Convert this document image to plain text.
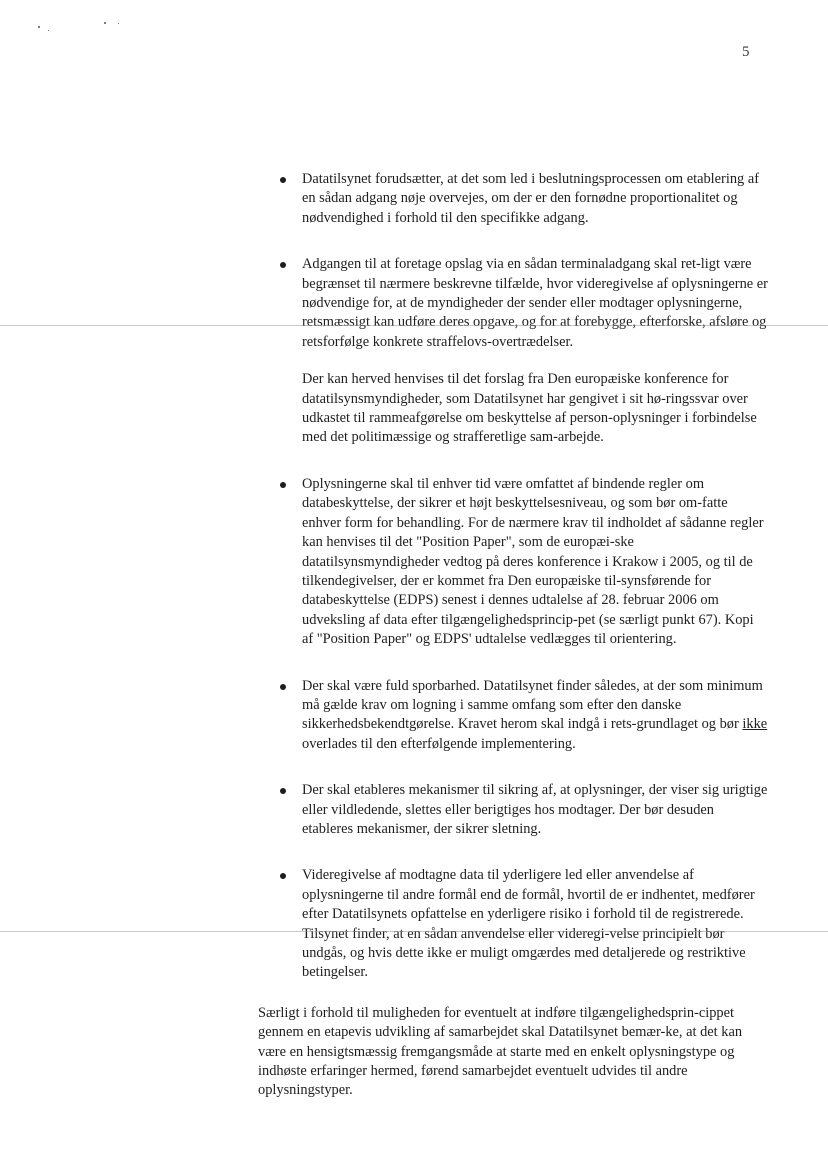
5

Datatilsynet forudsætter, at det som led i beslutningsprocessen om etablering af en sådan adgang nøje overvejes, om der er den fornødne proportionalitet og nødvendighed i forhold til den specifikke adgang.

Adgangen til at foretage opslag via en sådan terminaladgang skal ret-ligt være begrænset til nærmere beskrevne tilfælde, hvor videregivelse af oplysningerne er nødvendige for, at de myndigheder der sender eller modtager oplysningerne, retsmæssigt kan udføre deres opgave, og for at forebygge, efterforske, afsløre og retsforfølge konkrete straffelovs-overtrædelser.

Der kan herved henvises til det forslag fra Den europæiske konference for datatilsynsmyndigheder, som Datatilsynet har gengivet i sit hø-ringssvar over udkastet til rammeafgørelse om beskyttelse af person-oplysninger i forbindelse med det politimæssige og strafferetlige sam-arbejde.

Oplysningerne skal til enhver tid være omfattet af bindende regler om databeskyttelse, der sikrer et højt beskyttelsesniveau, og som bør om-fatte enhver form for behandling. For de nærmere krav til indholdet af sådanne regler kan henvises til det "Position Paper", som de europæi-ske datatilsynsmyndigheder vedtog på deres konference i Krakow i 2005, og til de tilkendegivelser, der er kommet fra Den europæiske til-synsførende for databeskyttelse (EDPS) senest i dennes udtalelse af 28. februar 2006 om udveksling af data efter tilgængelighedsprincip-pet (se særligt punkt 67). Kopi af "Position Paper" og EDPS' udtalelse vedlægges til orientering.

Der skal være fuld sporbarhed. Datatilsynet finder således, at der som minimum må gælde krav om logning i samme omfang som efter den danske sikkerhedsbekendtgørelse. Kravet herom skal indgå i rets-grundlaget og bør ikke overlades til den efterfølgende implementering.

Der skal etableres mekanismer til sikring af, at oplysninger, der viser sig urigtige eller vildledende, slettes eller berigtiges hos modtager. Der bør desuden etableres mekanismer, der sikrer sletning.

Videregivelse af modtagne data til yderligere led eller anvendelse af oplysningerne til andre formål end de formål, hvortil de er indhentet, medfører efter Datatilsynets opfattelse en yderligere risiko i forhold til de registrerede. Tilsynet finder, at en sådan anvendelse eller videregi-velse principielt bør undgås, og hvis dette ikke er muligt omgærdes med detaljerede og restriktive betingelser.

Særligt i forhold til muligheden for eventuelt at indføre tilgængelighedsprin-cippet gennem en etapevis udvikling af samarbejdet skal Datatilsynet bemær-ke, at det kan være en hensigtsmæssig fremgangsmåde at starte med en enkelt oplysningstype og indhøste erfaringer hermed, førend samarbejdet eventuelt udvides til andre oplysningstyper.
